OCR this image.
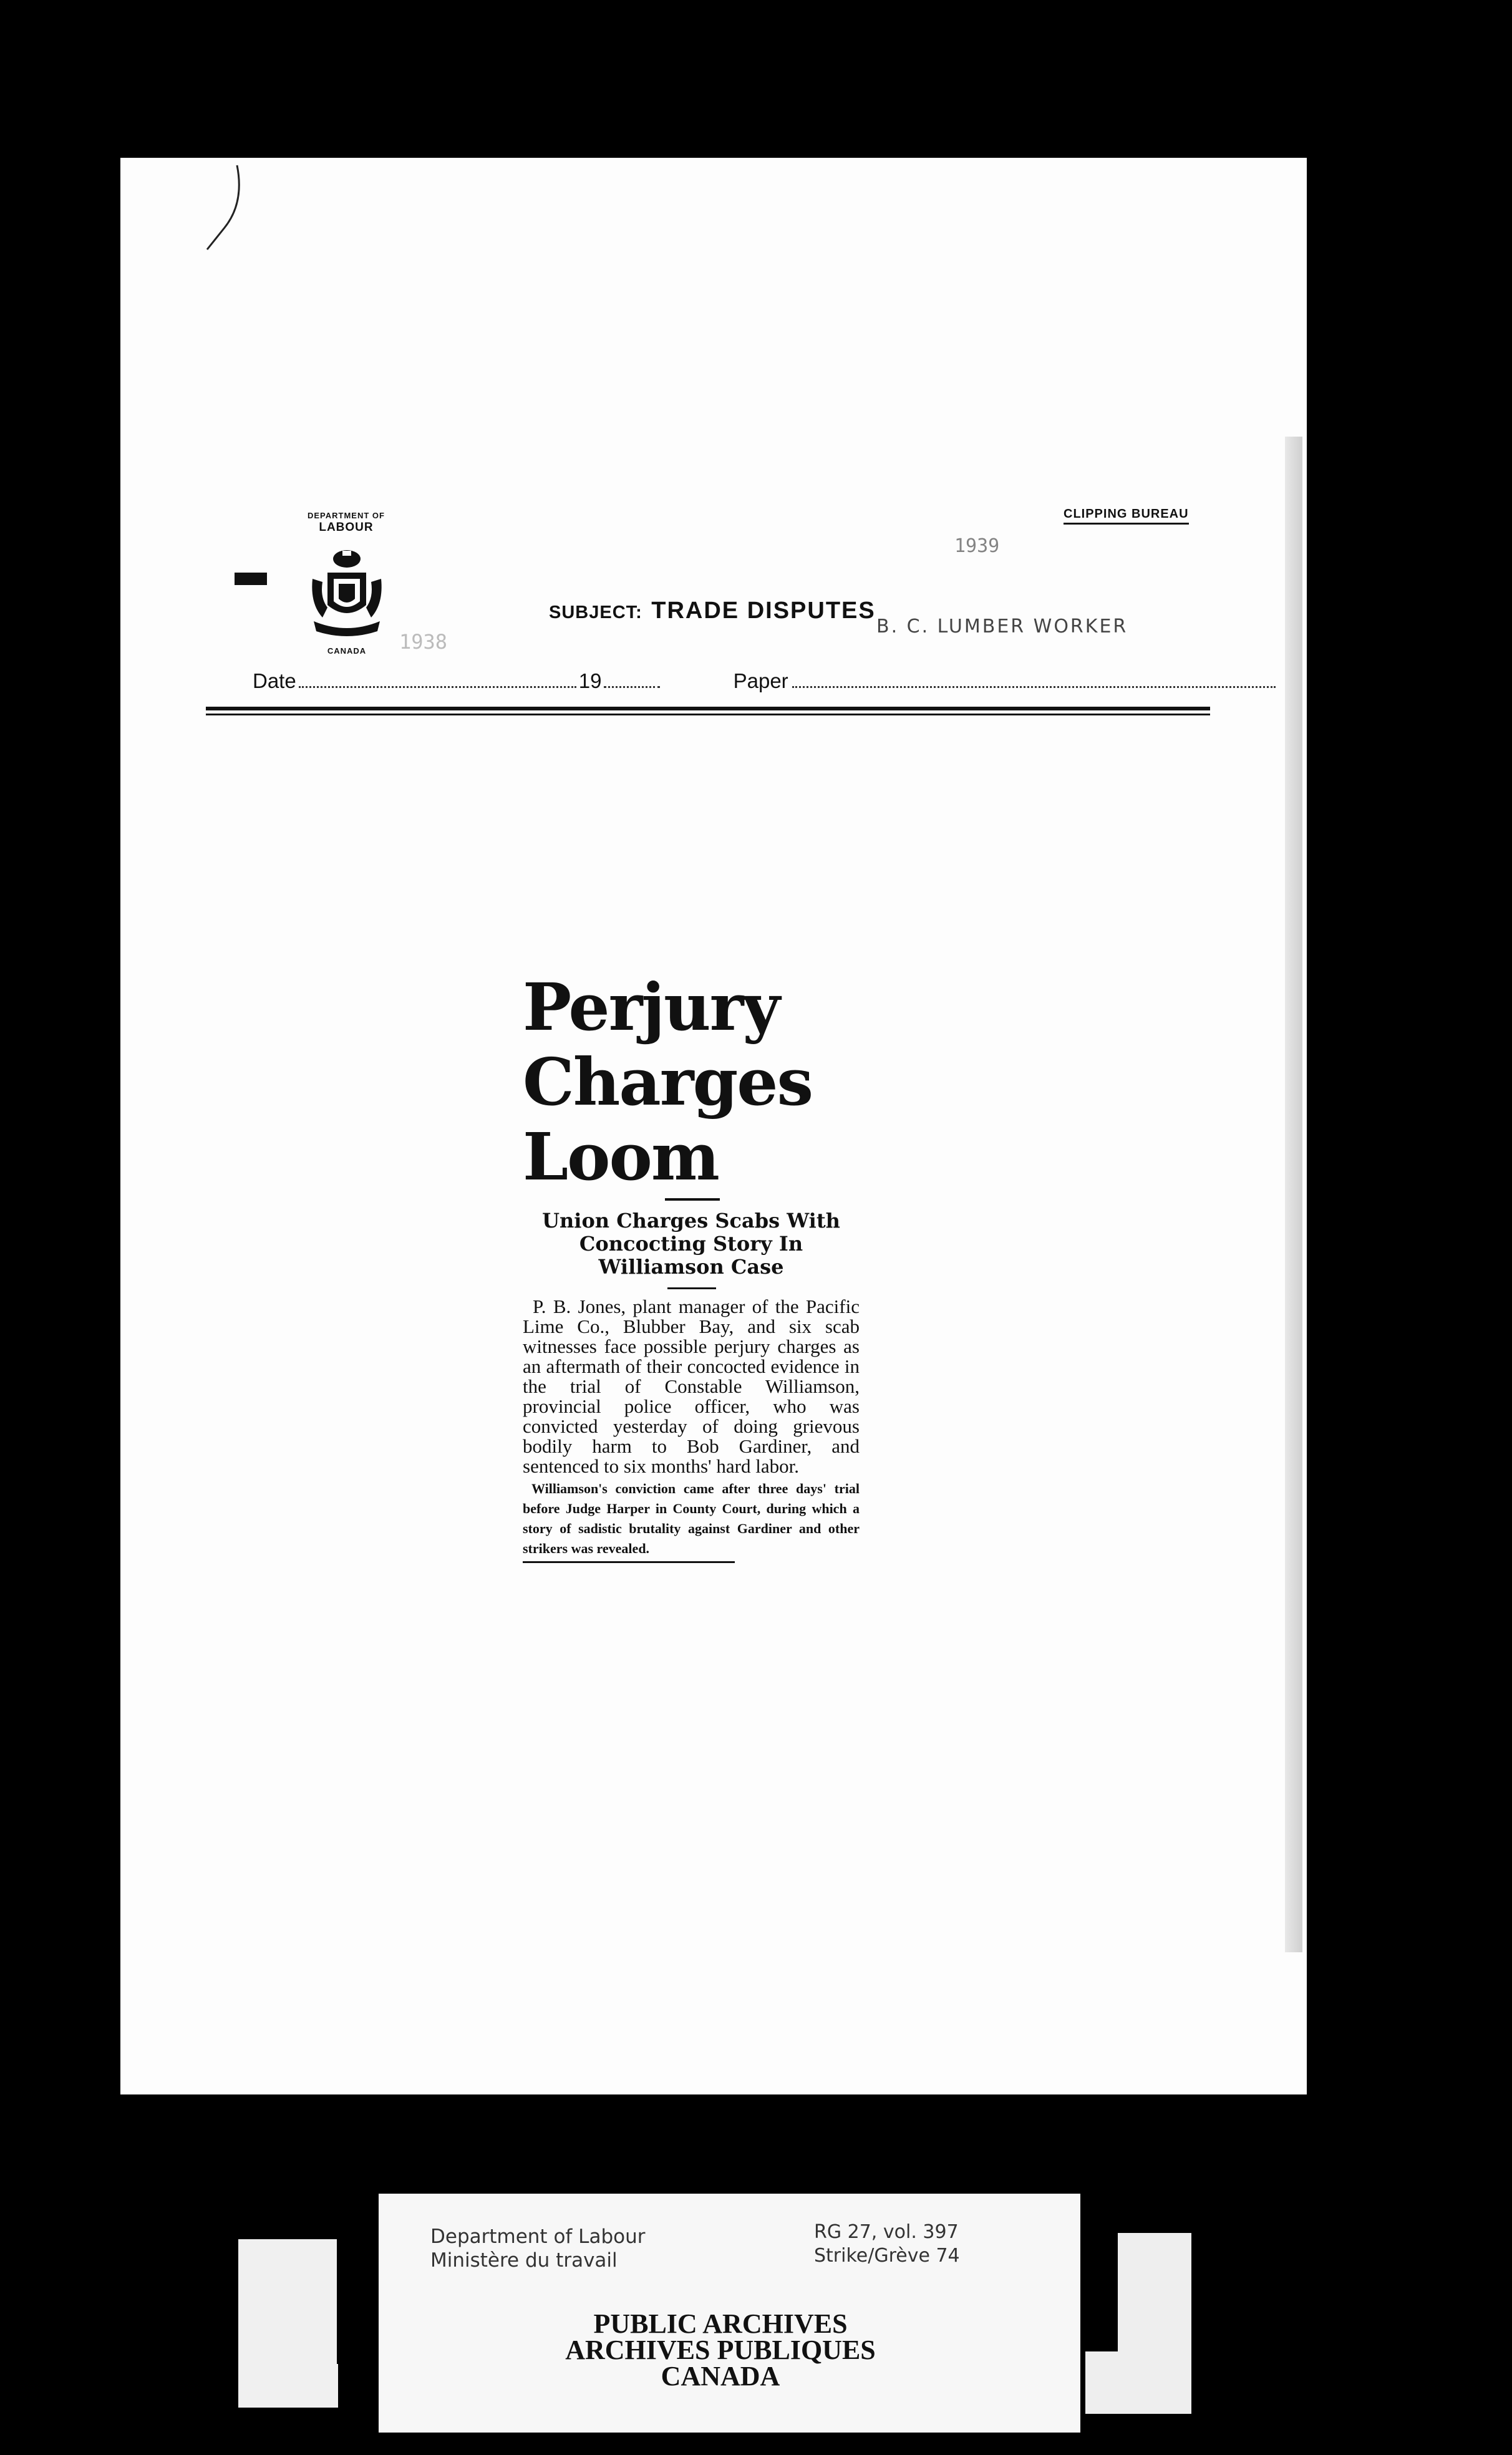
DEPARTMENT OF
LABOUR
CANADA
CLIPPING BUREAU
1939
1938
SUBJECT: TRADE DISPUTES
B. C. LUMBER WORKER
Date	19	Paper
Perjury
Charges
Loom

Union Charges Scabs With
Concocting Story In
Williamson Case

P. B. Jones, plant manager of the Pacific Lime Co., Blubber Bay, and six scab witnesses face possible perjury charges as an aftermath of their concocted evidence in the trial of Constable Williamson, provincial police officer, who was convicted yesterday of doing grievous bodily harm to Bob Gardiner, and sentenced to six months' hard labor.

Williamson's conviction came after three days' trial before Judge Harper in County Court, during which a story of sadistic brutality against Gardiner and other strikers was revealed.

Department of Labour
Ministère du travail
RG 27, vol. 397
Strike/Grève 74
PUBLIC ARCHIVES
ARCHIVES PUBLIQUES
CANADA
